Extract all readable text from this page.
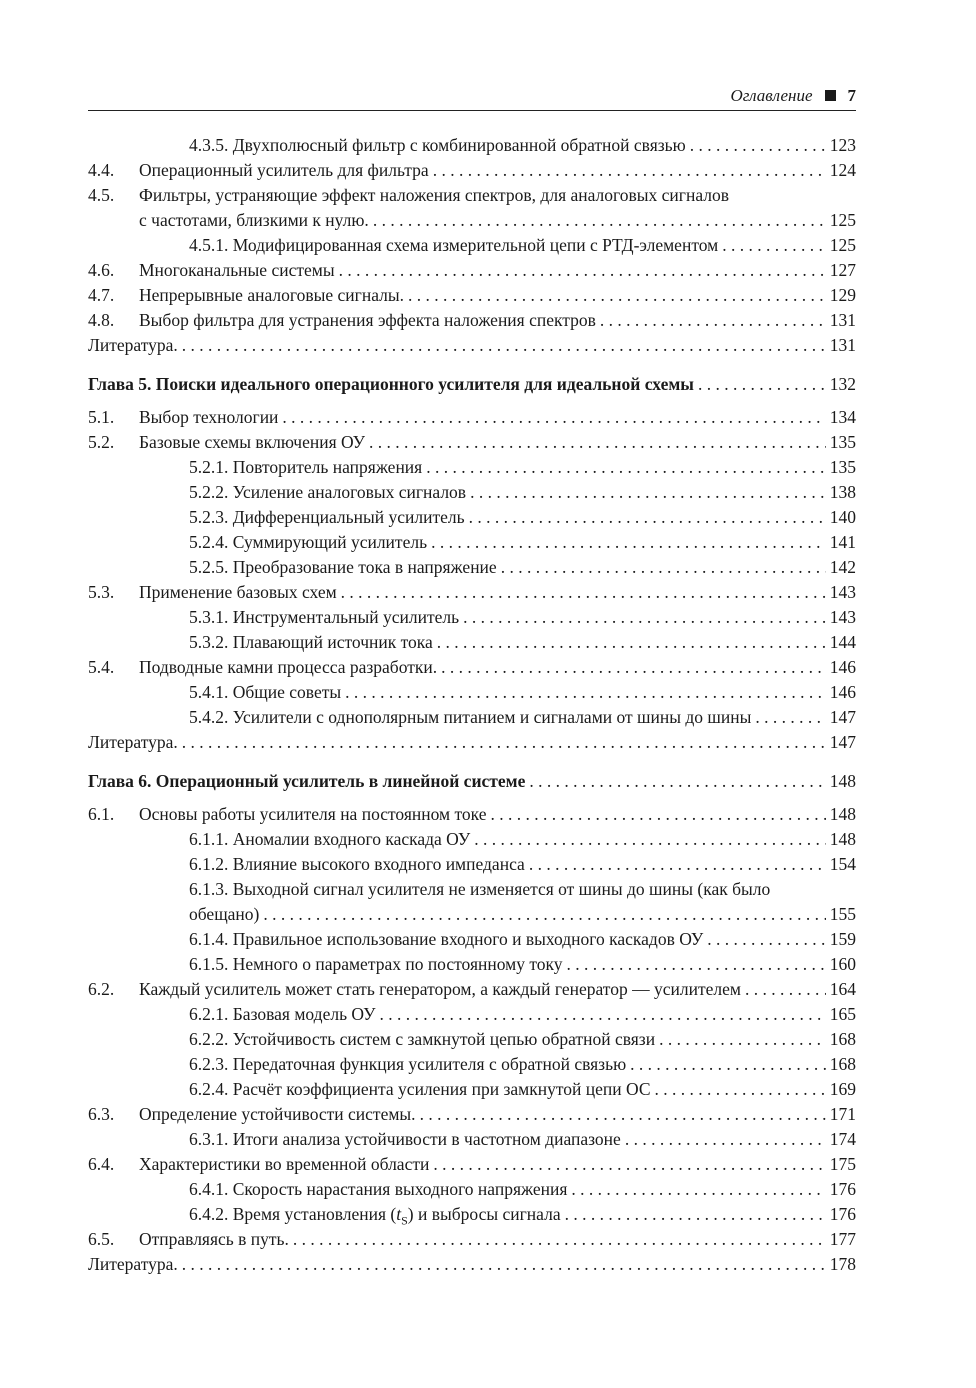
Оглавление 7
4.3.5. Двухполюсный фильтр с комбинированной обратной связью . . .	123
4.4.	Операционный усилитель для фильтра . . .	124
4.5.	Фильтры, устраняющие эффект наложения спектров, для аналоговых сигналов
с частотами, близкими к нулю. . . .	125
4.5.1. Модифицированная схема измерительной цепи с РТД-элементом . . .	125
4.6.	Многоканальные системы . . .	127
4.7.	Непрерывные аналоговые сигналы. . . .	129
4.8.	Выбор фильтра для устранения эффекта наложения спектров . . .	131
Литература. . . .	131
Глава 5. Поиски идеального операционного усилителя для идеальной схемы . . .	132
5.1.	Выбор технологии . . .	134
5.2.	Базовые схемы включения ОУ . . .	135
5.2.1. Повторитель напряжения . . .	135
5.2.2. Усиление аналоговых сигналов . . .	138
5.2.3. Дифференциальный усилитель . . .	140
5.2.4. Суммирующий усилитель . . .	141
5.2.5. Преобразование тока в напряжение . . .	142
5.3.	Применение базовых схем . . .	143
5.3.1. Инструментальный усилитель . . .	143
5.3.2. Плавающий источник тока . . .	144
5.4.	Подводные камни процесса разработки. . . .	146
5.4.1. Общие советы . . .	146
5.4.2. Усилители с однополярным питанием и сигналами от шины до шины . . .	147
Литература. . . .	147
Глава 6. Операционный усилитель в линейной системе . . .	148
6.1.	Основы работы усилителя на постоянном токе . . .	148
6.1.1. Аномалии входного каскада ОУ . . .	148
6.1.2. Влияние высокого входного импеданса . . .	154
6.1.3. Выходной сигнал усилителя не изменяется от шины до шины (как было
обещано) . . .	155
6.1.4. Правильное использование входного и выходного каскадов ОУ . . .	159
6.1.5. Немного о параметрах по постоянному току . . .	160
6.2.	Каждый усилитель может стать генератором, а каждый генератор — усилителем . . .	164
6.2.1. Базовая модель ОУ . . .	165
6.2.2. Устойчивость систем с замкнутой цепью обратной связи . . .	168
6.2.3. Передаточная функция усилителя с обратной связью . . .	168
6.2.4. Расчёт коэффициента усиления при замкнутой цепи ОС . . .	169
6.3.	Определение устойчивости системы. . . .	171
6.3.1. Итоги анализа устойчивости в частотном диапазоне . . .	174
6.4.	Характеристики во временной области . . .	175
6.4.1. Скорость нарастания выходного напряжения . . .	176
6.4.2. Время установления $(t_S)$ и выбросы сигнала . . .	176
6.5.	Отправляясь в путь. . . .	177
Литература. . . .	178
